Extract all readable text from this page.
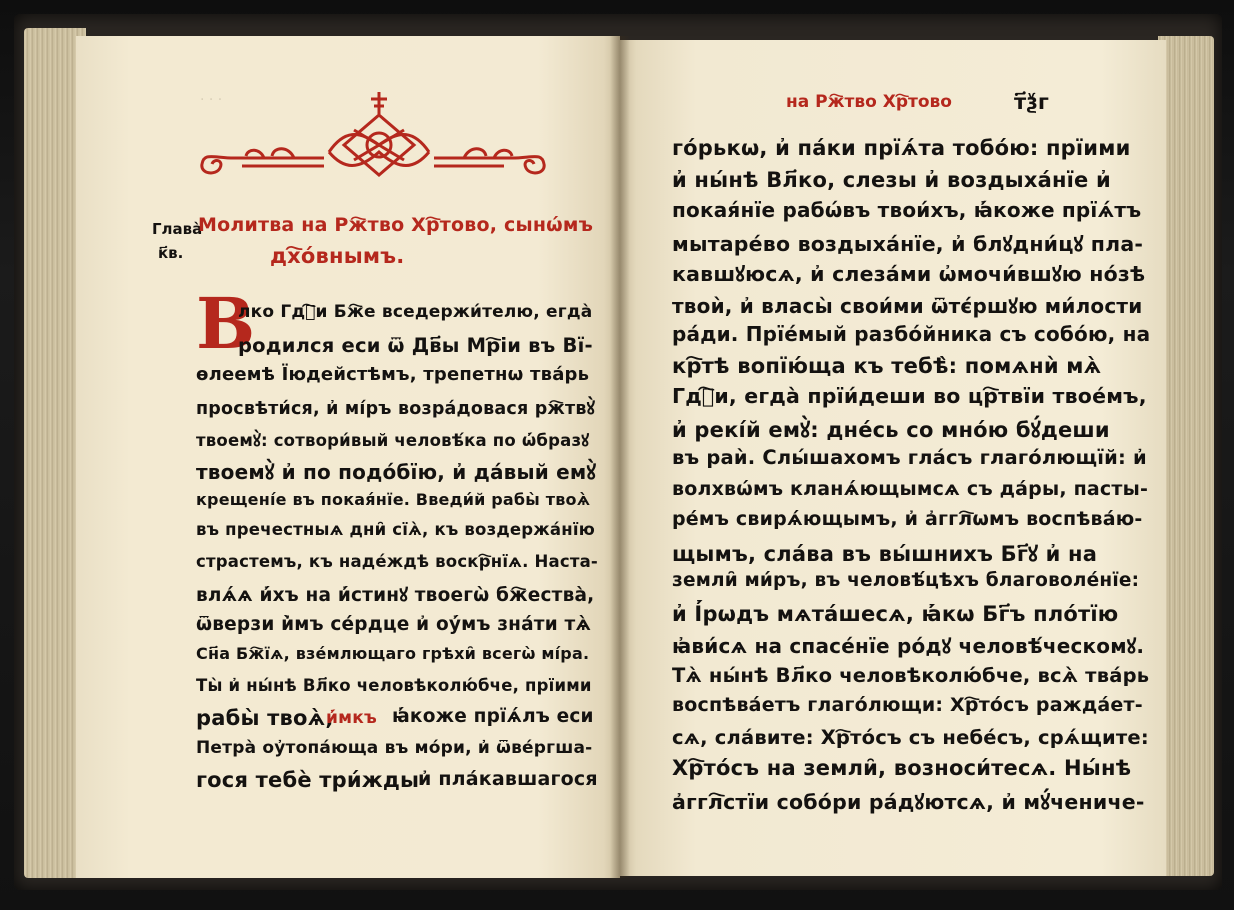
· · ·
Глава̀
к҃в.
Молитва на Рж҇тво Хр҇тово, сынѡ́мъ
дх҇о́внымъ.
В
лко Гдⷭ҇и Бж҇е вседержи́телю, егда̀
родился еси ѿ Дв҃ы Мр҇іи въ Вї-
ѳлеемѣ Їюдейстѣмъ, трепетнѡ тва́рь
просвѣти́ся, и҆ мі́ръ возра́довася рж҇твꙋ̀
твоемꙋ̀: сотвори́вый человѣ́ка по ѡ҆́бразꙋ
твоемꙋ̀ и҆ по подо́бїю, и҆ да́вый емꙋ̀
крещені́е въ покая́нїе. Введи́й рабы̀ твоѧ̀
въ пречестныѧ дни̑ сїѧ̀, къ воздержа́нїю
страстемъ, къ наде́ждѣ воскр҇нїѧ. Наста-
влѧ́ѧ и҆́хъ на и҆́стинꙋ твоегѡ̀ бж҇ества̀,
ѿверзи и҆̀мъ се́рдце и҆ оу҆́мъ зна́ти тѧ̀
Сн҃а Бж҇їѧ, взе́млющаго грѣхи̑ всегѡ̀ мі́ра.
Ты̀ и҆ ны́нѣ Вл҃ко человѣколю́бче, прїими
рабы̀ твоѧ̀,
и҆́мкъ ꙗ҆́коже прїѧ́лъ еси
Петра̀ оу҆топа́юща въ мо́ри, и҆ ѿве́ргша-
гося тебѐ три́жды
и҆ пла́кавшагося
на Рж҇тво Хр҇тово	т҃ѯг
го́рькѡ, и҆ па́ки прїѧ́та тобо́ю: прїими
и҆ ны́нѣ Вл҃ко, слезы и҆ воздыха́нїе и҆
покая́нїе рабѡ́въ твои́хъ, ꙗ҆́коже прїѧ́тъ
мытаре́во воздыха́нїе, и҆ блꙋдни́цꙋ пла-
кавшꙋюсѧ, и҆ слеза́ми ѡ҆мочи́вшꙋю но́зѣ
твоѝ, и҆ власы̀ свои́ми ѿтє́ршꙋю ми́лости
ра́ди. Прїе́мый разбо́йника съ собо́ю, на
кр҇тѣ вопїю́ща къ тебѣ̀: помѧнѝ мѧ̀
Гдⷭ҇и, егда̀ прїи́деши во цр҇твїи твое́мъ,
и҆ рекі́й емꙋ̀: дне́сь со мно́ю бꙋ́деши
въ раѝ. Слы́шахомъ гла́съ глаго́лющїй: и҆
волхвѡ́мъ кланѧ́ющымсѧ съ да́ры, пасты-
ре́мъ свирѧ́ющымъ, и҆ а҆ггл҇ѡмъ воспѣва́ю-
щымъ, сла́ва въ вы́шнихъ Бг҃ꙋ и҆ на
земли̑ ми́ръ, въ человѣ́цѣхъ благоволе́нїе:
и҆ І҆́рѡдъ мѧта́шесѧ, ꙗ҆́кѡ Бг҃ъ пло́тїю
ꙗ҆ви́сѧ на спасе́нїе ро́дꙋ человѣ́ческомꙋ.
Тѧ̀ ны́нѣ Вл҃ко человѣколю́бче, всѧ̀ тва́рь
воспѣва́етъ глаго́лющи: Хр҇то́съ ражда́ет-
сѧ, сла́вите: Хр҇то́съ съ небе́съ, срѧ́щите:
Хр҇то́съ на земли̑, возноси́тесѧ. Ны́нѣ
а҆ггл҇стїи собо́ри ра́дꙋютсѧ, и҆ мꙋ́чениче-
